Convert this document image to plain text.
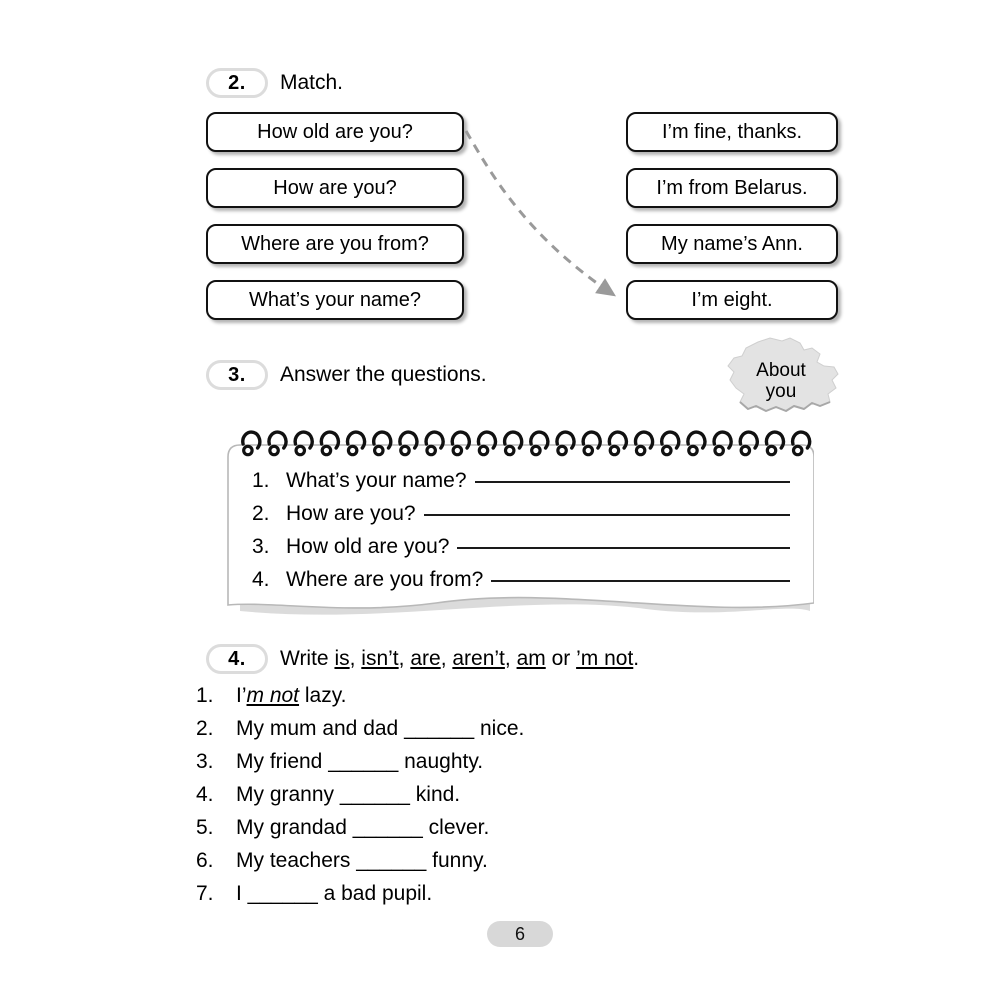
2.	Match.
How old are you?
How are you?
Where are you from?
What’s your name?
I’m fine, thanks.
I’m from Belarus.
My name’s Ann.
I’m eight.
3.	Answer the questions.	About
you
1. What’s your name?
2. How are you?
3. How old are you?
4. Where are you from?
4.	Write is, isn’t, are, aren’t, am or ’m not.
1.	I’m not lazy.
2.	My mum and dad ______ nice.
3.	My friend ______ naughty.
4.	My granny ______ kind.
5.	My grandad ______ clever.
6.	My teachers ______ funny.
7.	I ______ a bad pupil.
6
